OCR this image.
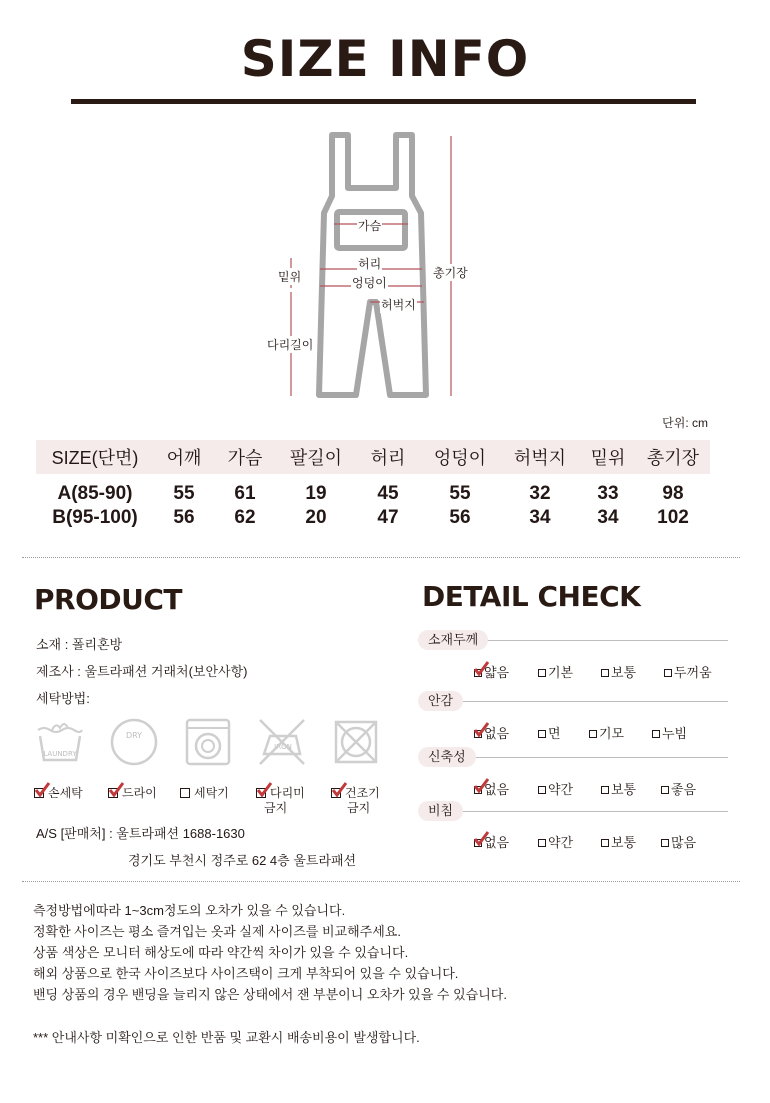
SIZE INFO
가슴
허리
엉덩이
허벅지
밑위
다리길이
총기장
단위: cm
SIZE(단면)	어깨	가슴	팔길이	허리	엉덩이	허벅지	밑위	총기장
A(85-90)	55	61	19	45	55	32	33	98
B(95-100)	56	62	20	47	56	34	34	102
PRODUCT
소재 : 폴리혼방
제조사 : 울트라패션 거래처(보안사항)
세탁방법:
LAUNDRY
DRY
IRON
손세탁	드라이	세탁기	다리미
금지
건조기
금지
A/S [판매처] : 울트라패션 1688-1630
경기도 부천시 정주로 62 4층 울트라패션
DETAIL CHECK
소재두께
얇음	기본	보통	두꺼움
안감
없음	면	기모	누빔
신축성
없음	약간	보통	좋음
비침
없음	약간	보통	많음
측정방법에따라 1~3cm정도의 오차가 있을 수 있습니다.
정확한 사이즈는 평소 즐겨입는 옷과 실제 사이즈를 비교해주세요.
상품 색상은 모니터 해상도에 따라 약간씩 차이가 있을 수 있습니다.
해외 상품으로 한국 사이즈보다 사이즈택이 크게 부착되어 있을 수 있습니다.
밴딩 상품의 경우 밴딩을 늘리지 않은 상태에서 잰 부분이니 오차가 있을 수 있습니다.
*** 안내사항 미확인으로 인한 반품 및 교환시 배송비용이 발생합니다.
